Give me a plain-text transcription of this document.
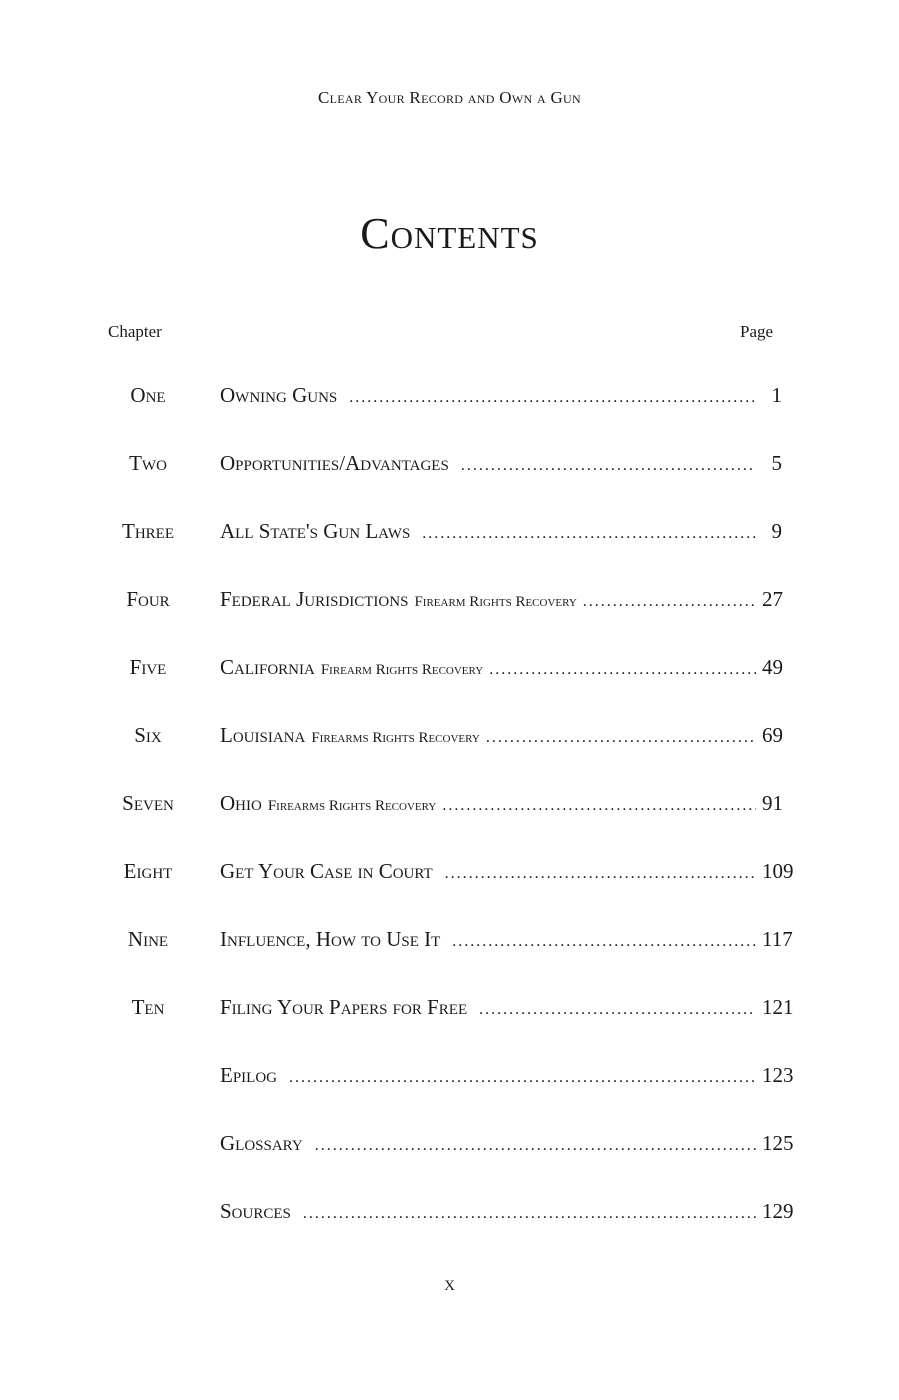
Clear Your Record and Own a Gun
Contents
Chapter	Page
One	Owning Guns .....	1
Two	Opportunities/Advantages .....	5
Three	All State's Gun Laws .....	9
Four	Federal Jurisdictions Firearm Rights Recovery .....	27
Five	California Firearm Rights Recovery .....	49
Six	Louisiana Firearms Rights Recovery .....	69
Seven	Ohio Firearms Rights Recovery .....	91
Eight	Get Your Case in Court .....	109
Nine	Influence, How to Use It .....	117
Ten	Filing Your Papers for Free .....	121
Epilog .....	123
Glossary .....	125
Sources .....	129
x
